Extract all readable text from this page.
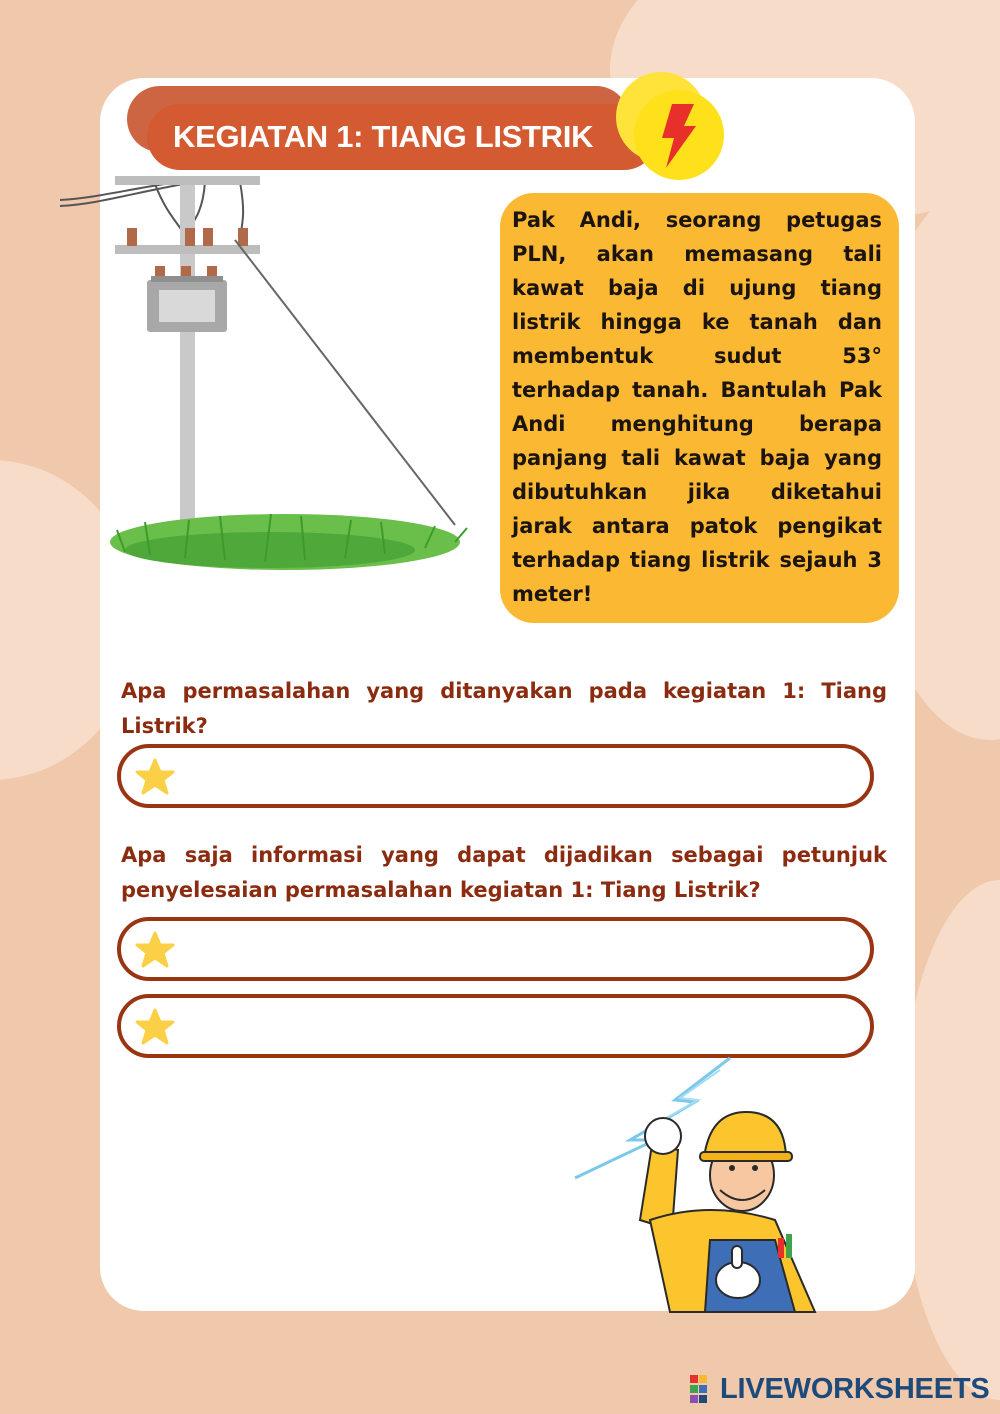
KEGIATAN 1: TIANG LISTRIK

Pak Andi, seorang petugas PLN, akan memasang tali kawat baja di ujung tiang listrik hingga ke tanah dan membentuk sudut 53° terhadap tanah. Bantulah Pak Andi menghitung berapa panjang tali kawat baja yang dibutuhkan jika diketahui jarak antara patok pengikat terhadap tiang listrik sejauh 3 meter!

Apa permasalahan yang ditanyakan pada kegiatan 1: Tiang Listrik?

Apa saja informasi yang dapat dijadikan sebagai petunjuk penyelesaian permasalahan kegiatan 1: Tiang Listrik?

LIVEWORKSHEETS
